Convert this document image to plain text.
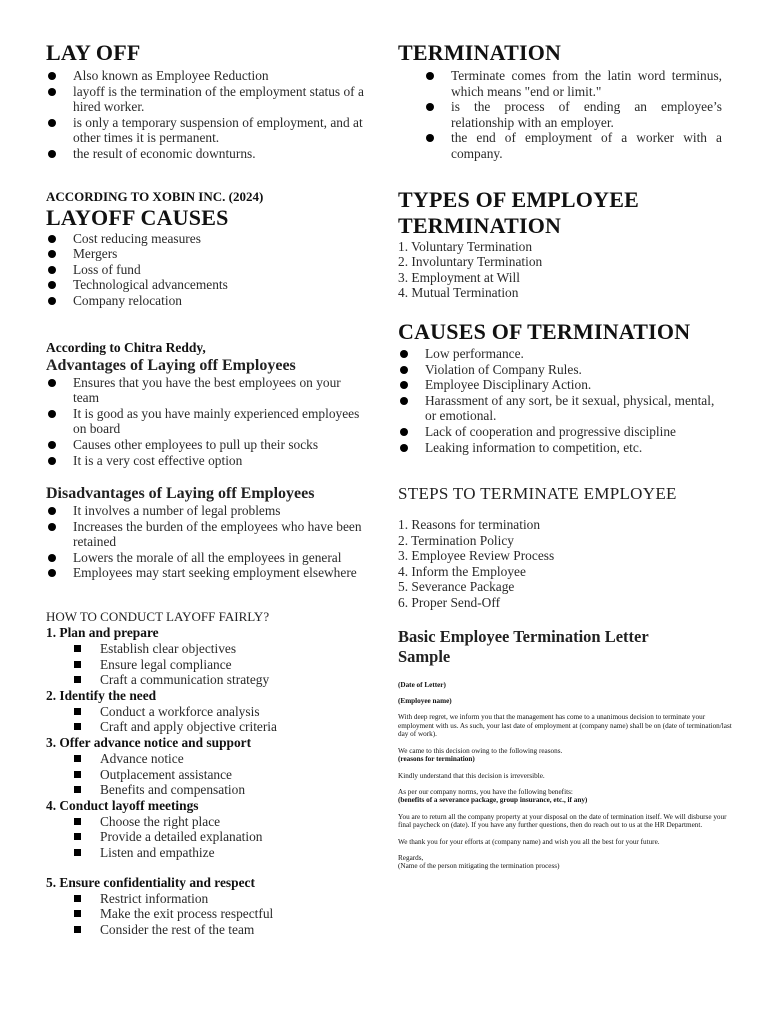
LAY OFF
Also known as Employee Reduction
layoff is the termination of the employment status of a hired worker.
is only a temporary suspension of employment, and at other times it is permanent.
the result of economic downturns.
ACCORDING TO XOBIN INC. (2024)
LAYOFF CAUSES
Cost reducing measures
Mergers
Loss of fund
Technological advancements
Company relocation
According to Chitra Reddy,
Advantages of Laying off Employees
Ensures that you have the best employees on your team
It is good as you have mainly experienced employees on board
Causes other employees to pull up their socks
It is a very cost effective option
Disadvantages of Laying off Employees
It involves a number of legal problems
Increases the burden of the employees who have been retained
Lowers the morale of all the employees in general
Employees may start seeking employment elsewhere
HOW TO CONDUCT LAYOFF FAIRLY?
1. Plan and prepare
Establish clear objectives
Ensure legal compliance
Craft a communication strategy
2. Identify the need
Conduct a workforce analysis
Craft and apply objective criteria
3. Offer advance notice and support
Advance notice
Outplacement assistance
Benefits and compensation
4. Conduct layoff meetings
Choose the right place
Provide a detailed explanation
Listen and empathize
5. Ensure confidentiality and respect
Restrict information
Make the exit process respectful
Consider the rest of the team
TERMINATION
Terminate comes from the latin word terminus, which means "end or limit."
is the process of ending an employee’s relationship with an employer.
the end of employment of a worker with a company.
TYPES OF EMPLOYEE
TERMINATION
1. Voluntary Termination
2. Involuntary Termination
3. Employment at Will
4. Mutual Termination
CAUSES OF TERMINATION
Low performance.
Violation of Company Rules.
Employee Disciplinary Action.
Harassment of any sort, be it sexual, physical, mental, or emotional.
Lack of cooperation and progressive discipline
Leaking information to competition, etc.
STEPS TO TERMINATE EMPLOYEE
1. Reasons for termination
2. Termination Policy
3. Employee Review Process
4. Inform the Employee
5. Severance Package
6. Proper Send-Off
Basic Employee Termination Letter
Sample

(Date of Letter)

(Employee name)

With deep regret, we inform you that the management has come to a unanimous decision to terminate your employment with us. As such, your last date of employment at (company name) shall be on (date of termination/last day of work).

We came to this decision owing to the following reasons.

(reasons for termination)

Kindly understand that this decision is irreversible.

As per our company norms, you have the following benefits:

(benefits of a severance package, group insurance, etc., if any)

You are to return all the company property at your disposal on the date of termination itself. We will disburse your final paycheck on (date). If you have any further questions, then do reach out to us at the HR Department.

We thank you for your efforts at (company name) and wish you all the best for your future.

Regards,

(Name of the person mitigating the termination process)
